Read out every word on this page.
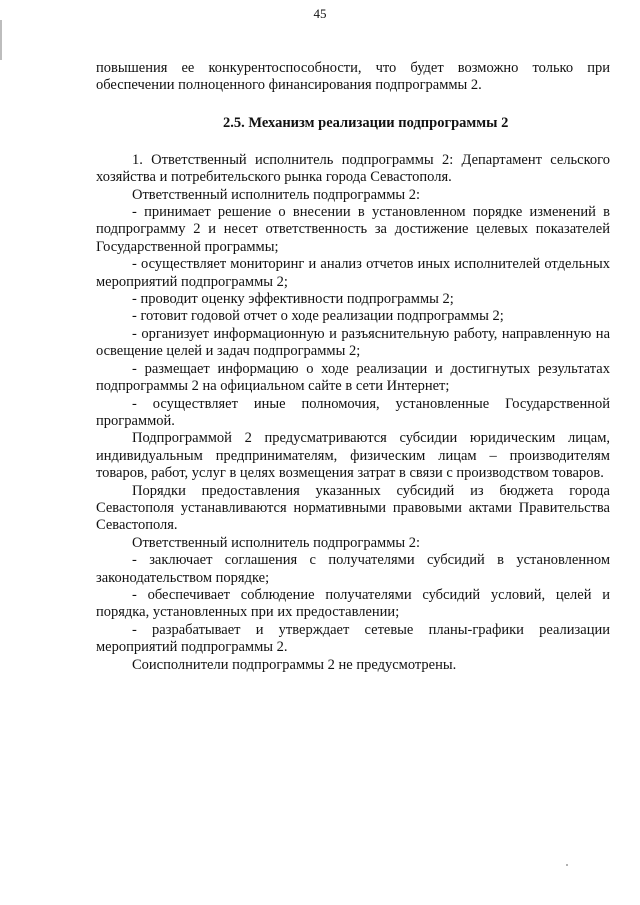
45

повышения ее конкурентоспособности, что будет возможно только при обеспечении полноценного финансирования подпрограммы 2.

2.5. Механизм реализации подпрограммы 2

1. Ответственный исполнитель подпрограммы 2: Департамент сельского хозяйства и потребительского рынка города Севастополя.

Ответственный исполнитель подпрограммы 2:

- принимает решение о внесении в установленном порядке изменений в подпрограмму 2 и несет ответственность за достижение целевых показателей Государственной программы;

- осуществляет мониторинг и анализ отчетов иных исполнителей отдельных мероприятий подпрограммы 2;

- проводит оценку эффективности подпрограммы 2;

- готовит годовой отчет о ходе реализации подпрограммы 2;

- организует информационную и разъяснительную работу, направленную на освещение целей и задач подпрограммы 2;

- размещает информацию о ходе реализации и достигнутых результатах подпрограммы 2 на официальном сайте в сети Интернет;

- осуществляет иные полномочия, установленные Государственной программой.

Подпрограммой 2 предусматриваются субсидии юридическим лицам, индивидуальным предпринимателям, физическим лицам – производителям товаров, работ, услуг в целях возмещения затрат в связи с производством товаров.

Порядки предоставления указанных субсидий из бюджета города Севастополя устанавливаются нормативными правовыми актами Правительства Севастополя.

Ответственный исполнитель подпрограммы 2:

- заключает соглашения с получателями субсидий в установленном законодательством порядке;

- обеспечивает соблюдение получателями субсидий условий, целей и порядка, установленных при их предоставлении;

- разрабатывает и утверждает сетевые планы-графики реализации мероприятий подпрограммы 2.

Соисполнители подпрограммы 2 не предусмотрены.
